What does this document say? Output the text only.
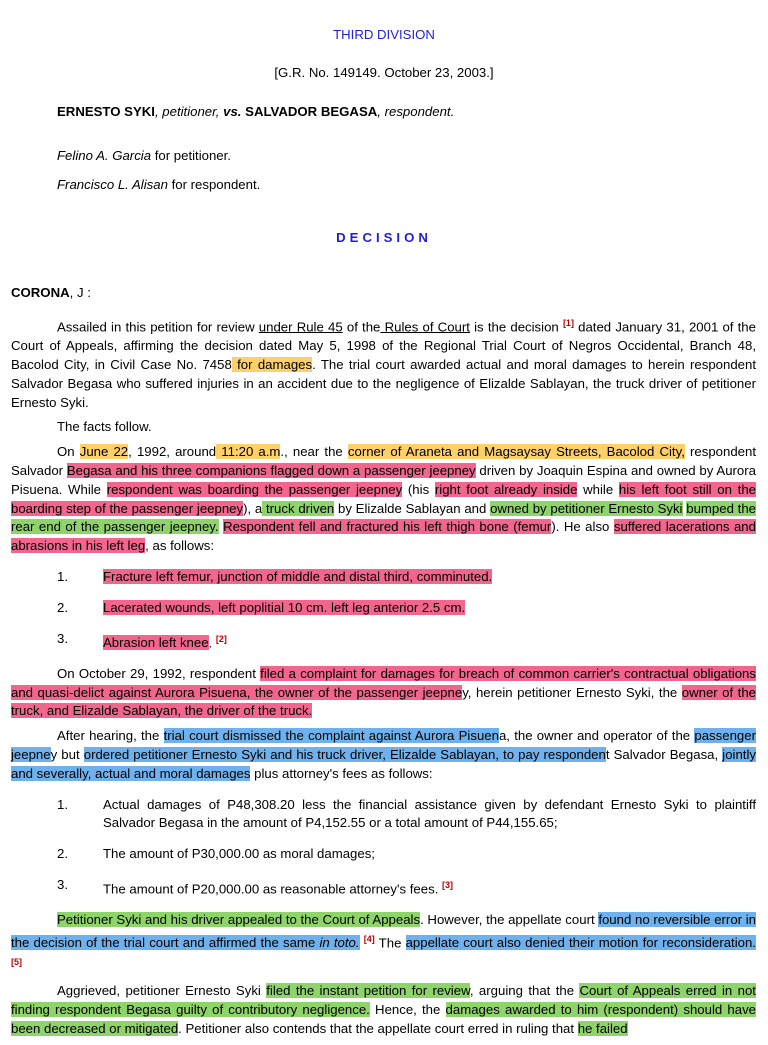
THIRD DIVISION
[G.R. No. 149149. October 23, 2003.]
ERNESTO SYKI, petitioner, vs. SALVADOR BEGASA, respondent.
Felino A. Garcia for petitioner.
Francisco L. Alisan for respondent.
DECISION
CORONA, J :

Assailed in this petition for review under Rule 45 of the Rules of Court is the decision [1] dated January 31, 2001 of the Court of Appeals, affirming the decision dated May 5, 1998 of the Regional Trial Court of Negros Occidental, Branch 48, Bacolod City, in Civil Case No. 7458 for damages. The trial court awarded actual and moral damages to herein respondent Salvador Begasa who suffered injuries in an accident due to the negligence of Elizalde Sablayan, the truck driver of petitioner Ernesto Syki.

The facts follow.

On June 22, 1992, around 11:20 a.m., near the corner of Araneta and Magsaysay Streets, Bacolod City, respondent Salvador Begasa and his three companions flagged down a passenger jeepney driven by Joaquin Espina and owned by Aurora Pisuena. While respondent was boarding the passenger jeepney (his right foot already inside while his left foot still on the boarding step of the passenger jeepney), a truck driven by Elizalde Sablayan and owned by petitioner Ernesto Syki bumped the rear end of the passenger jeepney. Respondent fell and fractured his left thigh bone (femur). He also suffered lacerations and abrasions in his left leg, as follows:

1.	Fracture left femur, junction of middle and distal third, comminuted.
2.	Lacerated wounds, left poplitial 10 cm. left leg anterior 2.5 cm.
3.	Abrasion left knee. [2]

On October 29, 1992, respondent filed a complaint for damages for breach of common carrier's contractual obligations and quasi-delict against Aurora Pisuena, the owner of the passenger jeepney, herein petitioner Ernesto Syki, the owner of the truck, and Elizalde Sablayan, the driver of the truck.

After hearing, the trial court dismissed the complaint against Aurora Pisuena, the owner and operator of the passenger jeepney but ordered petitioner Ernesto Syki and his truck driver, Elizalde Sablayan, to pay respondent Salvador Begasa, jointly and severally, actual and moral damages plus attorney's fees as follows:

1.	Actual damages of P48,308.20 less the financial assistance given by defendant Ernesto Syki to plaintiff Salvador Begasa in the amount of P4,152.55 or a total amount of P44,155.65;
2.	The amount of P30,000.00 as moral damages;
3.	The amount of P20,000.00 as reasonable attorney's fees. [3]

Petitioner Syki and his driver appealed to the Court of Appeals. However, the appellate court found no reversible error in the decision of the trial court and affirmed the same in toto. [4] The appellate court also denied their motion for reconsideration. [5]

Aggrieved, petitioner Ernesto Syki filed the instant petition for review, arguing that the Court of Appeals erred in not finding respondent Begasa guilty of contributory negligence. Hence, the damages awarded to him (respondent) should have been decreased or mitigated. Petitioner also contends that the appellate court erred in ruling that he failed
